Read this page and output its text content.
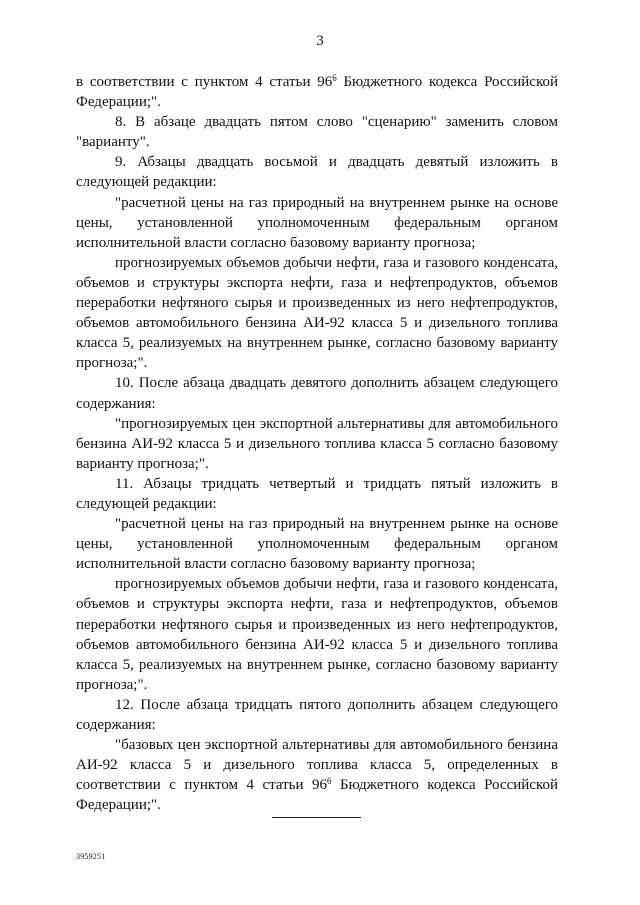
3

в соответствии с пунктом 4 статьи $96^6$ Бюджетного кодекса Российской Федерации;".

8. В абзаце двадцать пятом слово "сценарию" заменить словом "варианту".

9. Абзацы двадцать восьмой и двадцать девятый изложить в следующей редакции:

"расчетной цены на газ природный на внутреннем рынке на основе цены, установленной уполномоченным федеральным органом исполнительной власти согласно базовому варианту прогноза;

прогнозируемых объемов добычи нефти, газа и газового конденсата, объемов и структуры экспорта нефти, газа и нефтепродуктов, объемов переработки нефтяного сырья и произведенных из него нефтепродуктов, объемов автомобильного бензина АИ-92 класса 5 и дизельного топлива класса 5, реализуемых на внутреннем рынке, согласно базовому варианту прогноза;".

10. После абзаца двадцать девятого дополнить абзацем следующего содержания:

"прогнозируемых цен экспортной альтернативы для автомобильного бензина АИ-92 класса 5 и дизельного топлива класса 5 согласно базовому варианту прогноза;".

11. Абзацы тридцать четвертый и тридцать пятый изложить в следующей редакции:

"расчетной цены на газ природный на внутреннем рынке на основе цены, установленной уполномоченным федеральным органом исполнительной власти согласно базовому варианту прогноза;

прогнозируемых объемов добычи нефти, газа и газового конденсата, объемов и структуры экспорта нефти, газа и нефтепродуктов, объемов переработки нефтяного сырья и произведенных из него нефтепродуктов, объемов автомобильного бензина АИ-92 класса 5 и дизельного топлива класса 5, реализуемых на внутреннем рынке, согласно базовому варианту прогноза;".

12. После абзаца тридцать пятого дополнить абзацем следующего содержания:

"базовых цен экспортной альтернативы для автомобильного бензина АИ-92 класса 5 и дизельного топлива класса 5, определенных в соответствии с пунктом 4 статьи $96^6$ Бюджетного кодекса Российской Федерации;".

3959251
